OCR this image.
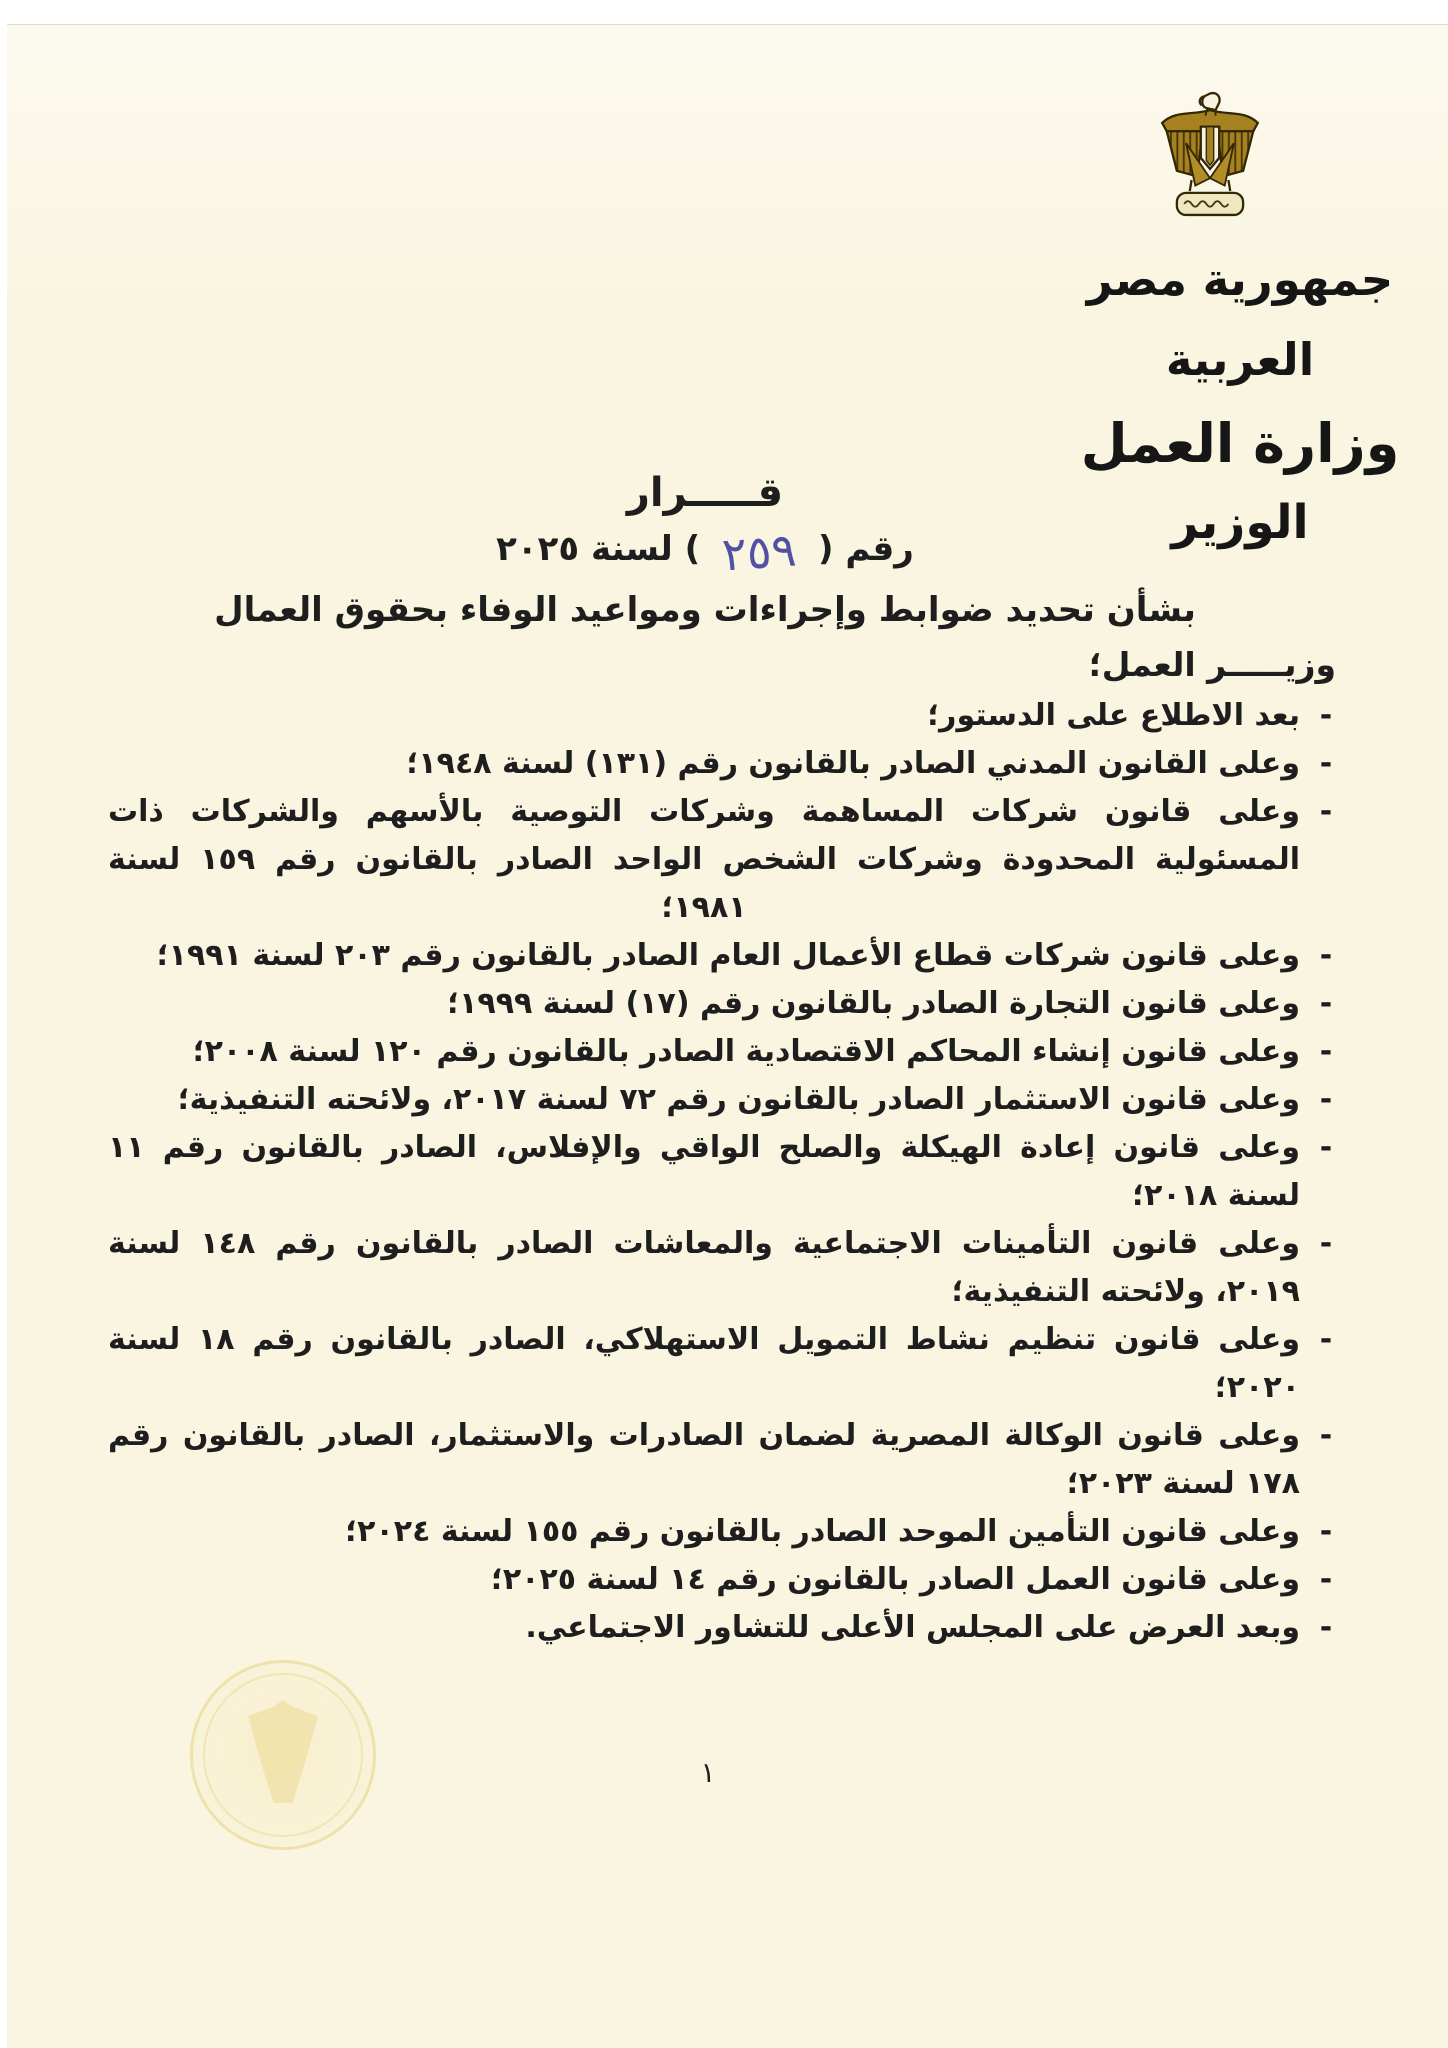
جمهورية مصر العربية
وزارة العمل
الوزير
قـــــرار
رقم ( ٢٥٩ ) لسنة ٢٠٢٥
بشأن تحديد ضوابط وإجراءات ومواعيد الوفاء بحقوق العمال
وزيـــــر العمل؛
-
بعد الاطلاع على الدستور؛
-
وعلى القانون المدني الصادر بالقانون رقم (١٣١) لسنة ١٩٤٨؛
-
وعلى قانون شركات المساهمة وشركات التوصية بالأسهم والشركات ذات المسئولية المحدودة وشركات الشخص الواحد الصادر بالقانون رقم ١٥٩ لسنة ١٩٨١؛
-
وعلى قانون شركات قطاع الأعمال العام الصادر بالقانون رقم ٢٠٣ لسنة ١٩٩١؛
-
وعلى قانون التجارة الصادر بالقانون رقم (١٧) لسنة ١٩٩٩؛
-
وعلى قانون إنشاء المحاكم الاقتصادية الصادر بالقانون رقم ١٢٠ لسنة ٢٠٠٨؛
-
وعلى قانون الاستثمار الصادر بالقانون رقم ٧٢ لسنة ٢٠١٧، ولائحته التنفيذية؛
-
وعلى قانون إعادة الهيكلة والصلح الواقي والإفلاس، الصادر بالقانون رقم ١١ لسنة ٢٠١٨؛
-
وعلى قانون التأمينات الاجتماعية والمعاشات الصادر بالقانون رقم ١٤٨ لسنة ٢٠١٩، ولائحته التنفيذية؛
-
وعلى قانون تنظيم نشاط التمويل الاستهلاكي، الصادر بالقانون رقم ١٨ لسنة ٢٠٢٠؛
-
وعلى قانون الوكالة المصرية لضمان الصادرات والاستثمار، الصادر بالقانون رقم ١٧٨ لسنة ٢٠٢٣؛
-
وعلى قانون التأمين الموحد الصادر بالقانون رقم ١٥٥ لسنة ٢٠٢٤؛
-
وعلى قانون العمل الصادر بالقانون رقم ١٤ لسنة ٢٠٢٥؛
-
وبعد العرض على المجلس الأعلى للتشاور الاجتماعي.
١
